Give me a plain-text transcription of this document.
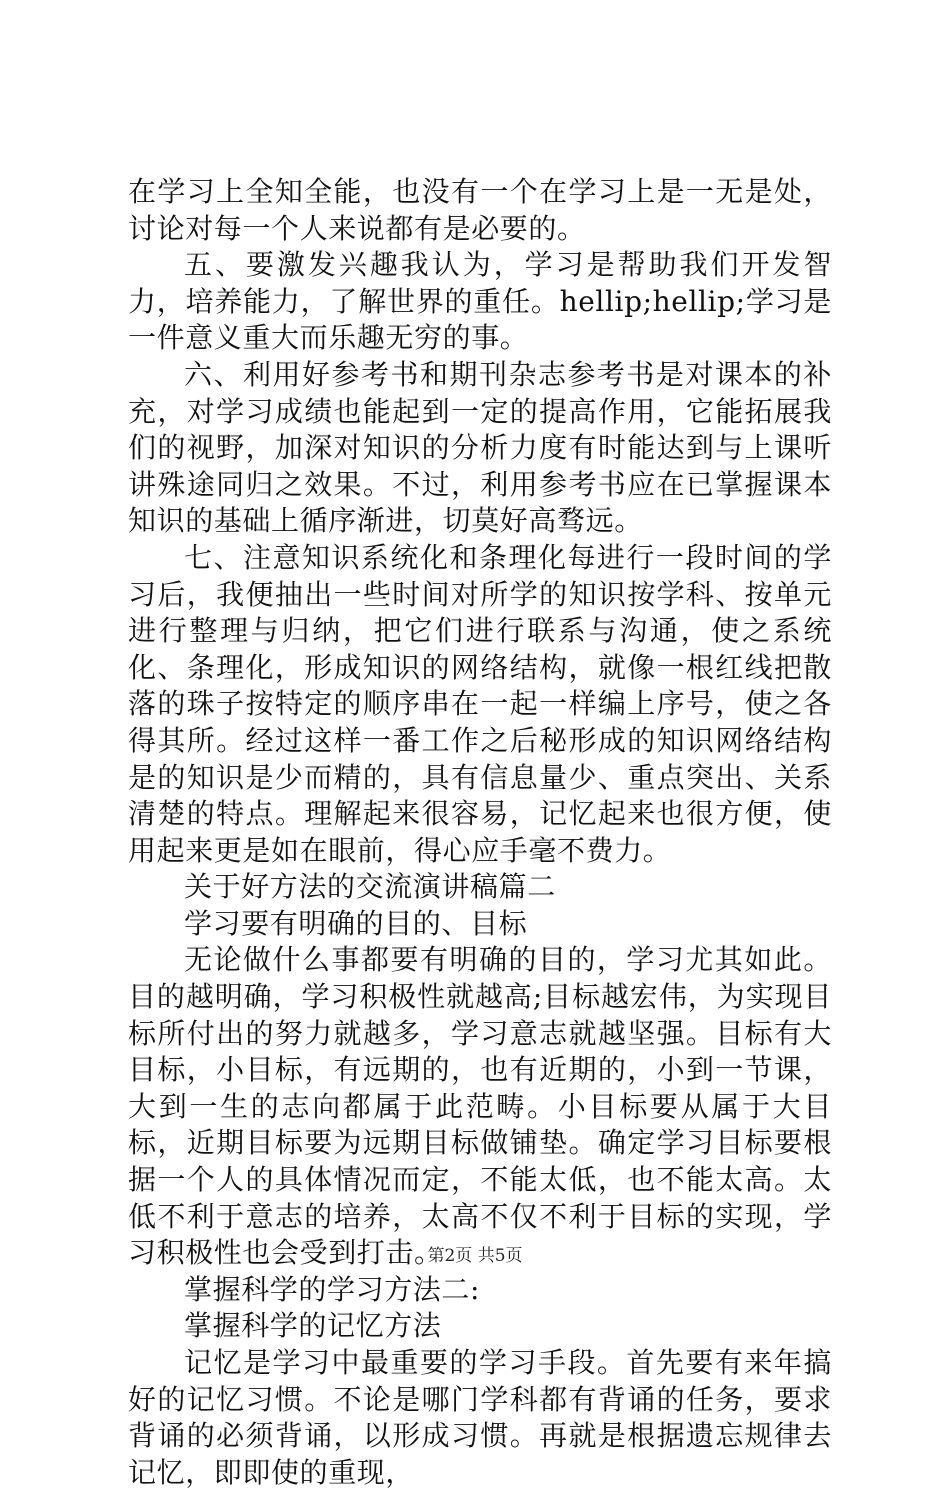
在学习上全知全能，也没有一个在学习上是一无是处，讨论对每一个人来说都有是必要的。

五、要激发兴趣我认为，学习是帮助我们开发智力，培养能力，了解世界的重任。hellip;hellip;学习是一件意义重大而乐趣无穷的事。

六、利用好参考书和期刊杂志参考书是对课本的补充，对学习成绩也能起到一定的提高作用，它能拓展我们的视野，加深对知识的分析力度有时能达到与上课听讲殊途同归之效果。不过，利用参考书应在已掌握课本知识的基础上循序渐进，切莫好高骛远。

七、注意知识系统化和条理化每进行一段时间的学习后，我便抽出一些时间对所学的知识按学科、按单元进行整理与归纳，把它们进行联系与沟通，使之系统化、条理化，形成知识的网络结构，就像一根红线把散落的珠子按特定的顺序串在一起一样编上序号，使之各得其所。经过这样一番工作之后秘形成的知识网络结构是的知识是少而精的，具有信息量少、重点突出、关系清楚的特点。理解起来很容易，记忆起来也很方便，使用起来更是如在眼前，得心应手毫不费力。

关于好方法的交流演讲稿篇二

学习要有明确的目的、目标

无论做什么事都要有明确的目的，学习尤其如此。目的越明确，学习积极性就越高;目标越宏伟，为实现目标所付出的努力就越多，学习意志就越坚强。目标有大目标，小目标，有远期的，也有近期的，小到一节课，大到一生的志向都属于此范畴。小目标要从属于大目标，近期目标要为远期目标做铺垫。确定学习目标要根据一个人的具体情况而定，不能太低，也不能太高。太低不利于意志的培养，太高不仅不利于目标的实现，学习积极性也会受到打击。

掌握科学的学习方法二:

掌握科学的记忆方法

记忆是学习中最重要的学习手段。首先要有来年搞好的记忆习惯。不论是哪门学科都有背诵的任务，要求背诵的必须背诵，以形成习惯。再就是根据遗忘规律去记忆，即即使的重现，

第2页 共5页
